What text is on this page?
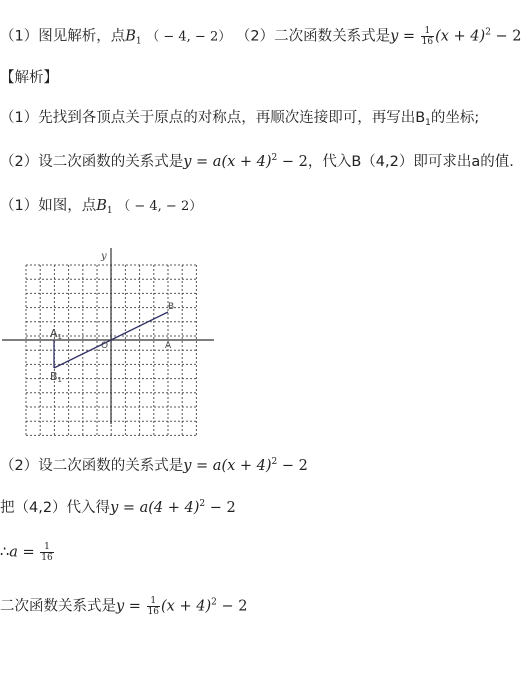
（1）图见解析，点$B_1$ （ − 4, − 2） （2）二次函数关系式是$y = \frac{1}{16} (x + 4)^2 - 2$
【解析】
（1）先找到各顶点关于原点的对称点，再顺次连接即可，再写出$B_1$的坐标;
（2）设二次函数的关系式是$y = a(x + 4)^2 - 2$，代入B（4,2）即可求出a的值.
（1）如图，点$B_1$ （ − 4, − 2）
y
O	A
B
A1
B1
（2）设二次函数的关系式是$y = a(x + 4)^2 - 2$
把（4,2）代入得$y = a(4 + 4)^2 - 2$
∴a = $\frac{1}{16}$
二次函数关系式是$y = \frac{1}{16} (x + 4)^2 - 2$
